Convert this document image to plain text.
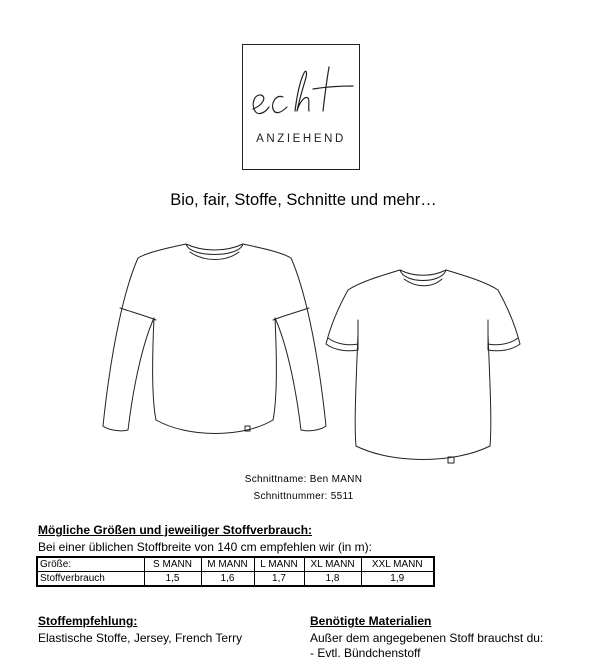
ANZIEHEND
Bio, fair, Stoffe, Schnitte und mehr…
Schnittname: Ben MANN
Schnittnummer: 5511
Mögliche Größen und jeweiliger Stoffverbrauch:
Bei einer üblichen Stoffbreite von 140 cm empfehlen wir (in m):
Größe:	S MANN	M MANN	L MANN	XL MANN	XXL MANN
Stoffverbrauch	1,5	1,6	1,7	1,8	1,9
Stoffempfehlung:
Elastische Stoffe, Jersey, French Terry
Benötigte Materialien
Außer dem angegebenen Stoff brauchst du:
- Evtl. Bündchenstoff
